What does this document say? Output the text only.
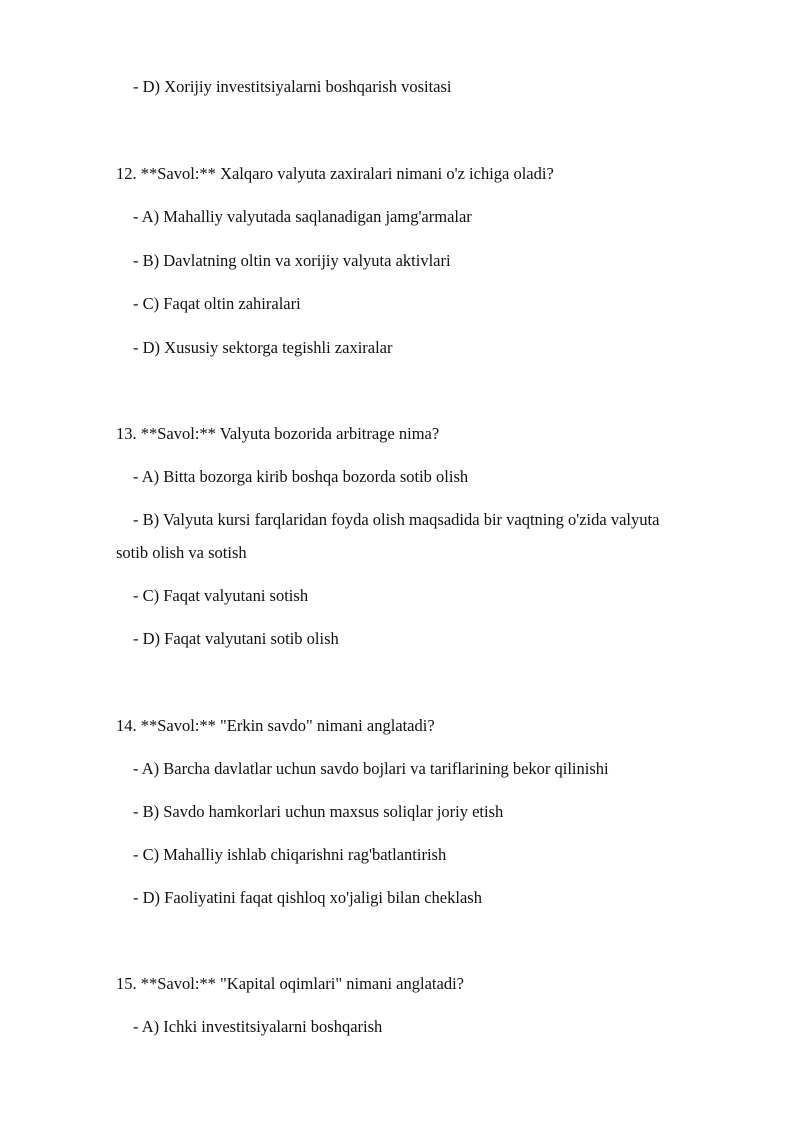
- D) Xorijiy investitsiyalarni boshqarish vositasi

12. **Savol:** Xalqaro valyuta zaxiralari nimani o'z ichiga oladi?

- A) Mahalliy valyutada saqlanadigan jamg'armalar

- B) Davlatning oltin va xorijiy valyuta aktivlari

- C) Faqat oltin zahiralari

- D) Xususiy sektorga tegishli zaxiralar

13. **Savol:** Valyuta bozorida arbitrage nima?

- A) Bitta bozorga kirib boshqa bozorda sotib olish

- B) Valyuta kursi farqlaridan foyda olish maqsadida bir vaqtning o'zida valyuta

sotib olish va sotish

- C) Faqat valyutani sotish

- D) Faqat valyutani sotib olish

14. **Savol:** "Erkin savdo" nimani anglatadi?

- A) Barcha davlatlar uchun savdo bojlari va tariflarining bekor qilinishi

- B) Savdo hamkorlari uchun maxsus soliqlar joriy etish

- C) Mahalliy ishlab chiqarishni rag'batlantirish

- D) Faoliyatini faqat qishloq xo'jaligi bilan cheklash

15. **Savol:** "Kapital oqimlari" nimani anglatadi?

- A) Ichki investitsiyalarni boshqarish
